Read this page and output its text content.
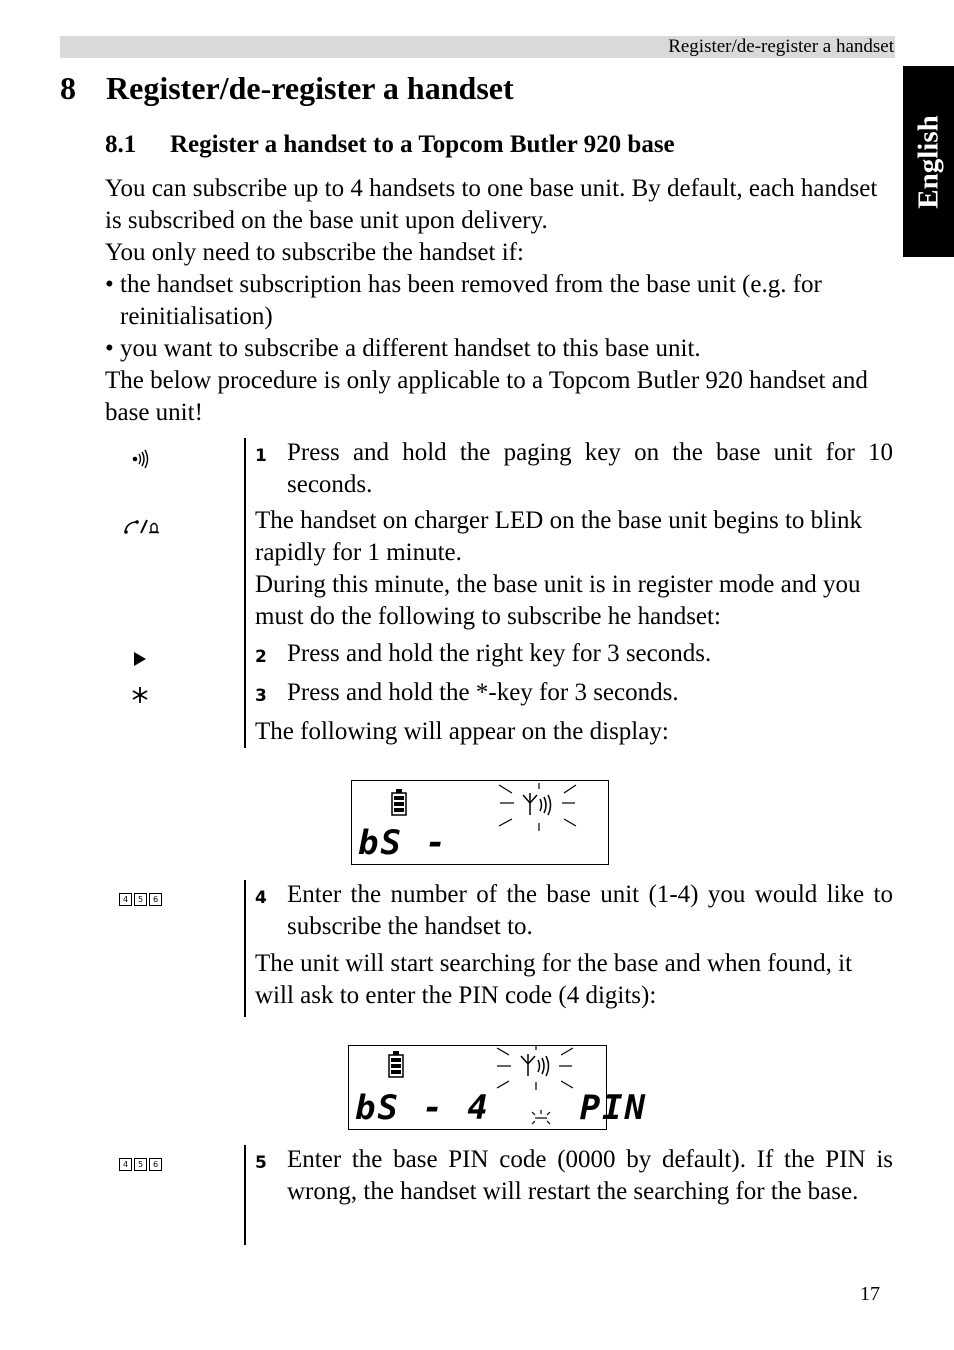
Register/de-register a handset
English
8 Register/de-register a handset
8.1 Register a handset to a Topcom Butler 920 base

You can subscribe up to 4 handsets to one base unit. By default, each handset is subscribed on the base unit upon delivery.

You only need to subscribe the handset if:

• the handset subscription has been removed from the base unit (e.g. for reinitialisation)

• you want to subscribe a different handset to this base unit.

The below procedure is only applicable to a Topcom Butler 920 handset and base unit!

1 Press and hold the paging key on the base unit for 10 seconds.

The handset on charger LED on the base unit begins to blink rapidly for 1 minute.

During this minute, the base unit is in register mode and you must do the following to subscribe he handset:

2 Press and hold the right key for 3 seconds.
3 Press and hold the *-key for 3 seconds.

The following will appear on the display:

bS -
4	5	6	4 Enter the number of the base unit (1-4) you would like to subscribe the handset to.

The unit will start searching for the base and when found, it will ask to enter the PIN code (4 digits):

bS - 4    PIN
4	5	6	5 Enter the base PIN code (0000 by default). If the PIN is wrong, the handset will restart the searching for the base.
17
